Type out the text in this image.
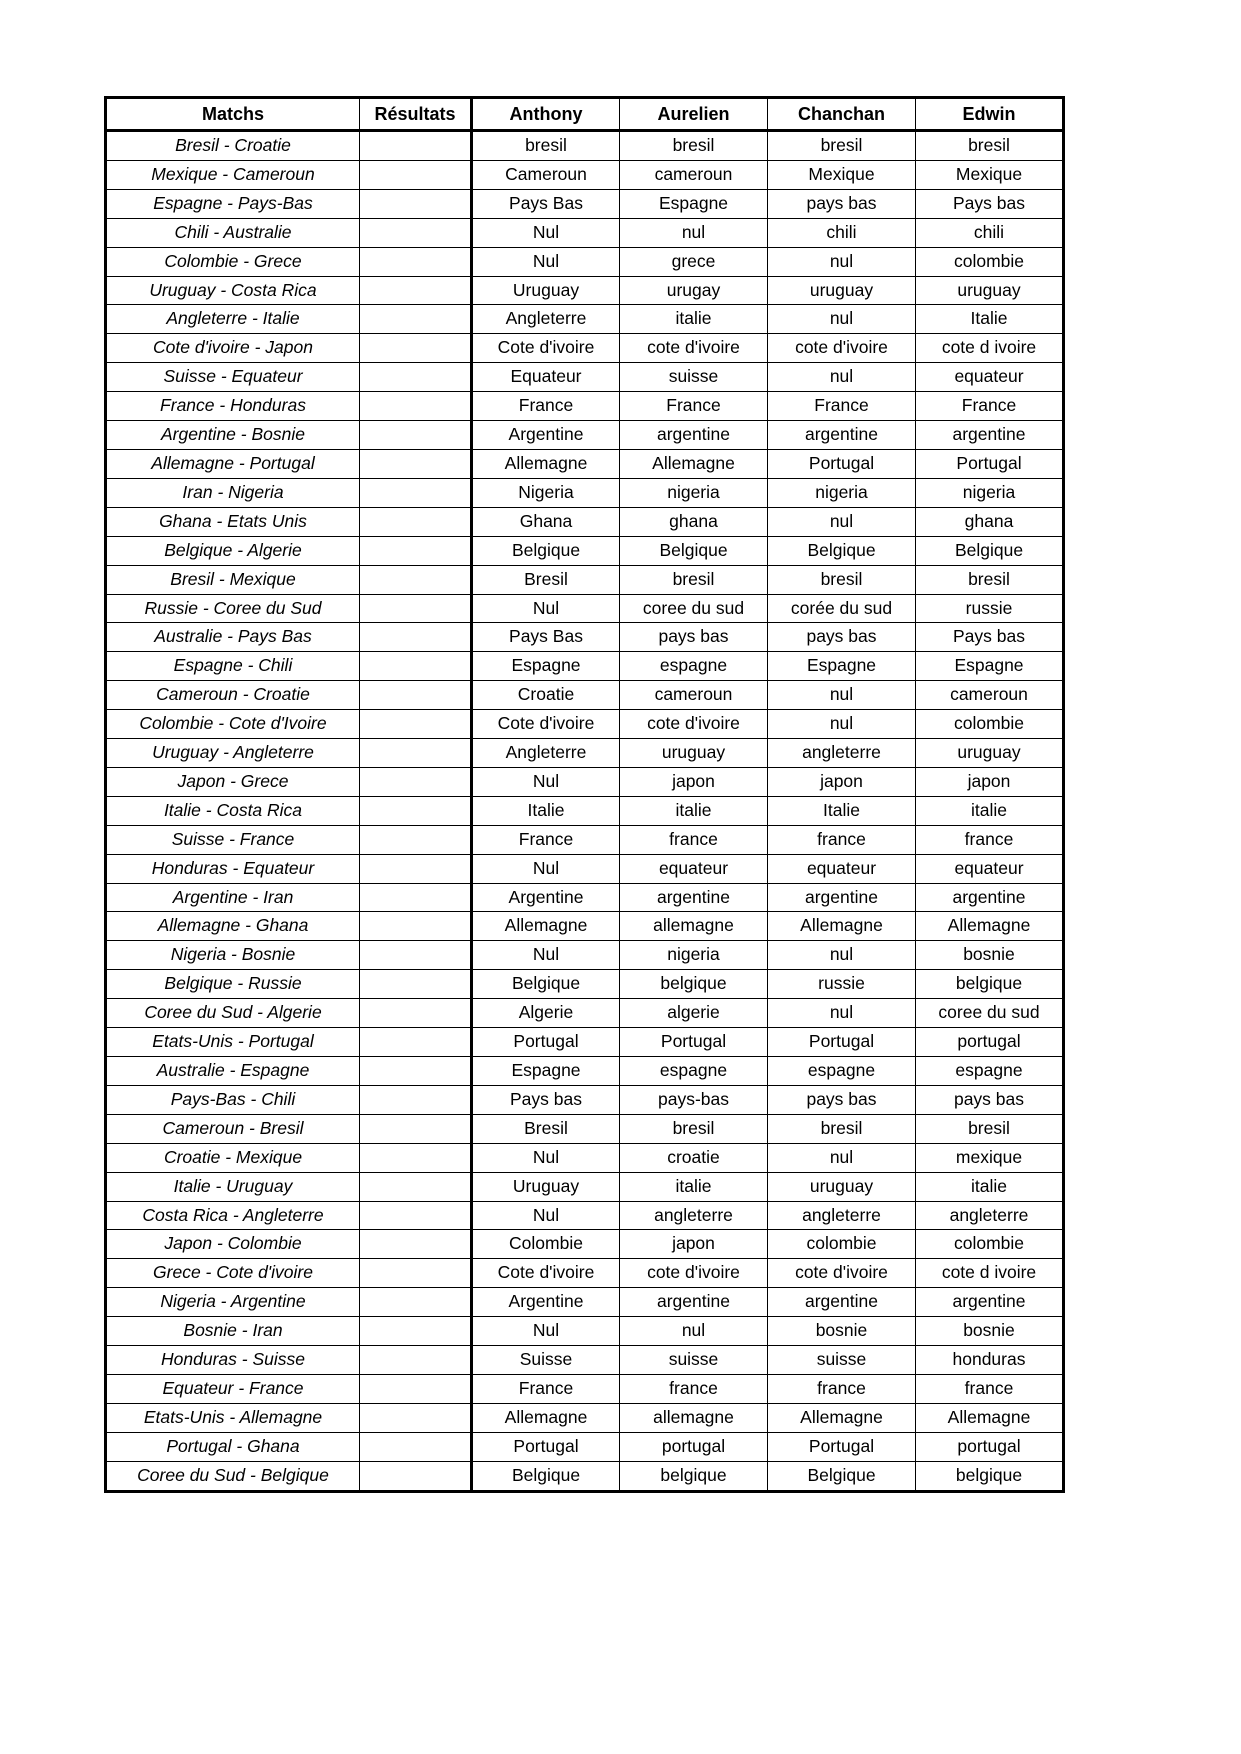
Matchs	Résultats	Anthony	Aurelien	Chanchan	Edwin
Bresil - Croatie		bresil	bresil	bresil	bresil
Mexique - Cameroun		Cameroun	cameroun	Mexique	Mexique
Espagne - Pays-Bas		Pays Bas	Espagne	pays bas	Pays bas
Chili - Australie		Nul	nul	chili	chili
Colombie - Grece		Nul	grece	nul	colombie
Uruguay - Costa Rica		Uruguay	urugay	uruguay	uruguay
Angleterre - Italie		Angleterre	italie	nul	Italie
Cote d'ivoire - Japon		Cote d'ivoire	cote d'ivoire	cote d'ivoire	cote d ivoire
Suisse - Equateur		Equateur	suisse	nul	equateur
France - Honduras		France	France	France	France
Argentine - Bosnie		Argentine	argentine	argentine	argentine
Allemagne - Portugal		Allemagne	Allemagne	Portugal	Portugal
Iran - Nigeria		Nigeria	nigeria	nigeria	nigeria
Ghana - Etats Unis		Ghana	ghana	nul	ghana
Belgique - Algerie		Belgique	Belgique	Belgique	Belgique
Bresil - Mexique		Bresil	bresil	bresil	bresil
Russie - Coree du Sud		Nul	coree du sud	corée du sud	russie
Australie - Pays Bas		Pays Bas	pays bas	pays bas	Pays bas
Espagne - Chili		Espagne	espagne	Espagne	Espagne
Cameroun - Croatie		Croatie	cameroun	nul	cameroun
Colombie - Cote d'Ivoire		Cote d'ivoire	cote d'ivoire	nul	colombie
Uruguay - Angleterre		Angleterre	uruguay	angleterre	uruguay
Japon - Grece		Nul	japon	japon	japon
Italie - Costa Rica		Italie	italie	Italie	italie
Suisse - France		France	france	france	france
Honduras - Equateur		Nul	equateur	equateur	equateur
Argentine - Iran		Argentine	argentine	argentine	argentine
Allemagne - Ghana		Allemagne	allemagne	Allemagne	Allemagne
Nigeria - Bosnie		Nul	nigeria	nul	bosnie
Belgique - Russie		Belgique	belgique	russie	belgique
Coree du Sud - Algerie		Algerie	algerie	nul	coree du sud
Etats-Unis - Portugal		Portugal	Portugal	Portugal	portugal
Australie - Espagne		Espagne	espagne	espagne	espagne
Pays-Bas - Chili		Pays bas	pays-bas	pays bas	pays bas
Cameroun - Bresil		Bresil	bresil	bresil	bresil
Croatie - Mexique		Nul	croatie	nul	mexique
Italie - Uruguay		Uruguay	italie	uruguay	italie
Costa Rica - Angleterre		Nul	angleterre	angleterre	angleterre
Japon - Colombie		Colombie	japon	colombie	colombie
Grece - Cote d'ivoire		Cote d'ivoire	cote d'ivoire	cote d'ivoire	cote d ivoire
Nigeria - Argentine		Argentine	argentine	argentine	argentine
Bosnie - Iran		Nul	nul	bosnie	bosnie
Honduras - Suisse		Suisse	suisse	suisse	honduras
Equateur - France		France	france	france	france
Etats-Unis - Allemagne		Allemagne	allemagne	Allemagne	Allemagne
Portugal - Ghana		Portugal	portugal	Portugal	portugal
Coree du Sud - Belgique		Belgique	belgique	Belgique	belgique
